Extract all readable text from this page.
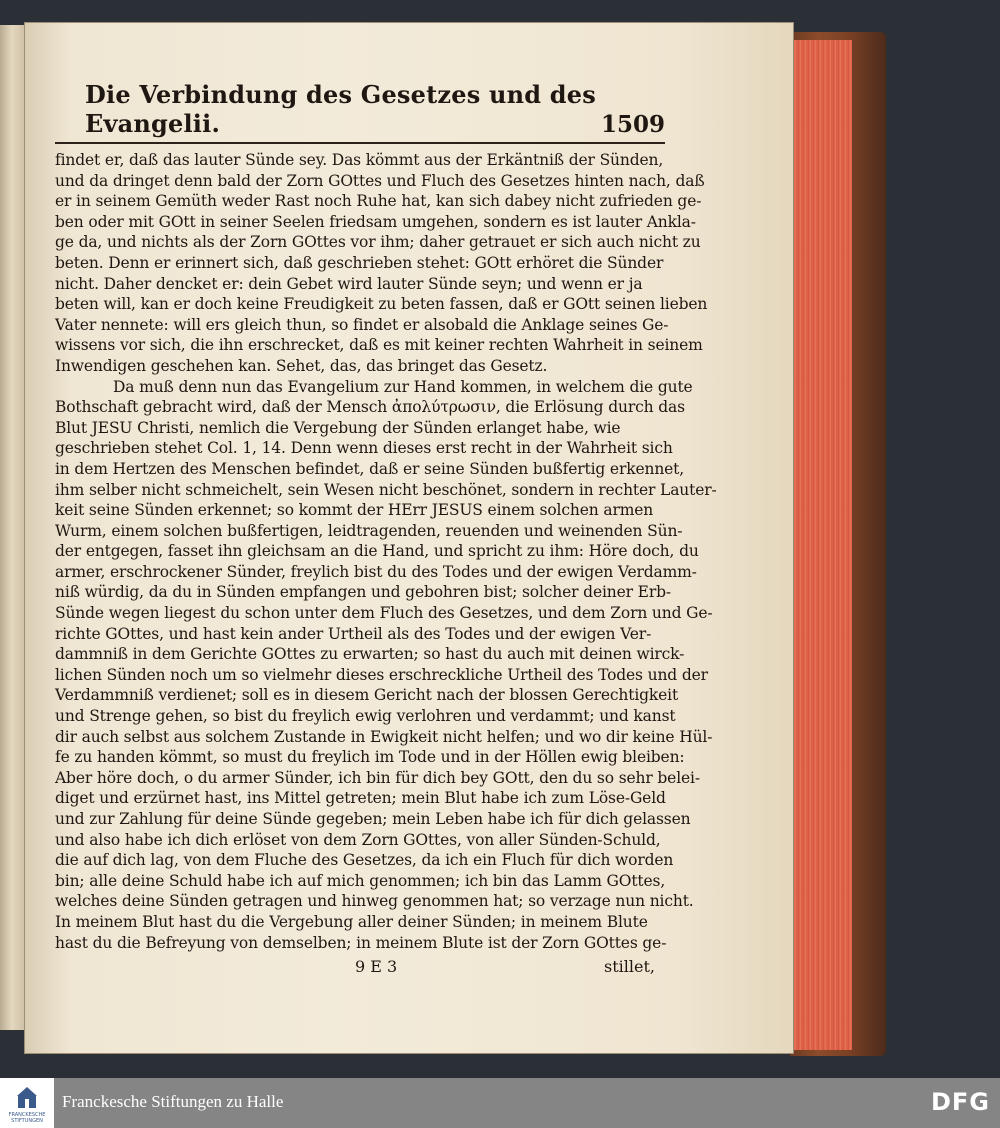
Die Verbindung des Gesetzes und des Evangelii.	1509
findet er, daß das lauter Sünde sey. Das kömmt aus der Erkäntniß der Sünden,
und da dringet denn bald der Zorn GOttes und Fluch des Gesetzes hinten nach, daß
er in seinem Gemüth weder Rast noch Ruhe hat, kan sich dabey nicht zufrieden ge-
ben oder mit GOtt in seiner Seelen friedsam umgehen, sondern es ist lauter Ankla-
ge da, und nichts als der Zorn GOttes vor ihm; daher getrauet er sich auch nicht zu
beten. Denn er erinnert sich, daß geschrieben stehet: GOtt erhöret die Sünder
nicht. Daher dencket er: dein Gebet wird lauter Sünde seyn; und wenn er ja
beten will, kan er doch keine Freudigkeit zu beten fassen, daß er GOtt seinen lieben
Vater nennete: will ers gleich thun, so findet er alsobald die Anklage seines Ge-
wissens vor sich, die ihn erschrecket, daß es mit keiner rechten Wahrheit in seinem
Inwendigen geschehen kan. Sehet, das, das bringet das Gesetz.
Da muß denn nun das Evangelium zur Hand kommen, in welchem die gute
Bothschaft gebracht wird, daß der Mensch ἀπολύτρωσιν, die Erlösung durch das
Blut JESU Christi, nemlich die Vergebung der Sünden erlanget habe, wie
geschrieben stehet Col. 1, 14. Denn wenn dieses erst recht in der Wahrheit sich
in dem Hertzen des Menschen befindet, daß er seine Sünden bußfertig erkennet,
ihm selber nicht schmeichelt, sein Wesen nicht beschönet, sondern in rechter Lauter-
keit seine Sünden erkennet; so kommt der HErr JESUS einem solchen armen
Wurm, einem solchen bußfertigen, leidtragenden, reuenden und weinenden Sün-
der entgegen, fasset ihn gleichsam an die Hand, und spricht zu ihm: Höre doch, du
armer, erschrockener Sünder, freylich bist du des Todes und der ewigen Verdamm-
niß würdig, da du in Sünden empfangen und gebohren bist; solcher deiner Erb-
Sünde wegen liegest du schon unter dem Fluch des Gesetzes, und dem Zorn und Ge-
richte GOttes, und hast kein ander Urtheil als des Todes und der ewigen Ver-
dammniß in dem Gerichte GOttes zu erwarten; so hast du auch mit deinen wirck-
lichen Sünden noch um so vielmehr dieses erschreckliche Urtheil des Todes und der
Verdammniß verdienet; soll es in diesem Gericht nach der blossen Gerechtigkeit
und Strenge gehen, so bist du freylich ewig verlohren und verdammt; und kanst
dir auch selbst aus solchem Zustande in Ewigkeit nicht helfen; und wo dir keine Hül-
fe zu handen kömmt, so must du freylich im Tode und in der Höllen ewig bleiben:
Aber höre doch, o du armer Sünder, ich bin für dich bey GOtt, den du so sehr belei-
diget und erzürnet hast, ins Mittel getreten; mein Blut habe ich zum Löse-Geld
und zur Zahlung für deine Sünde gegeben; mein Leben habe ich für dich gelassen
und also habe ich dich erlöset von dem Zorn GOttes, von aller Sünden-Schuld,
die auf dich lag, von dem Fluche des Gesetzes, da ich ein Fluch für dich worden
bin; alle deine Schuld habe ich auf mich genommen; ich bin das Lamm GOttes,
welches deine Sünden getragen und hinweg genommen hat; so verzage nun nicht.
In meinem Blut hast du die Vergebung aller deiner Sünden; in meinem Blute
hast du die Befreyung von demselben; in meinem Blute ist der Zorn GOttes ge-
9 E 3	stillet,
FRANCKESCHE
STIFTUNGEN
Franckesche Stiftungen zu Halle	DFG
